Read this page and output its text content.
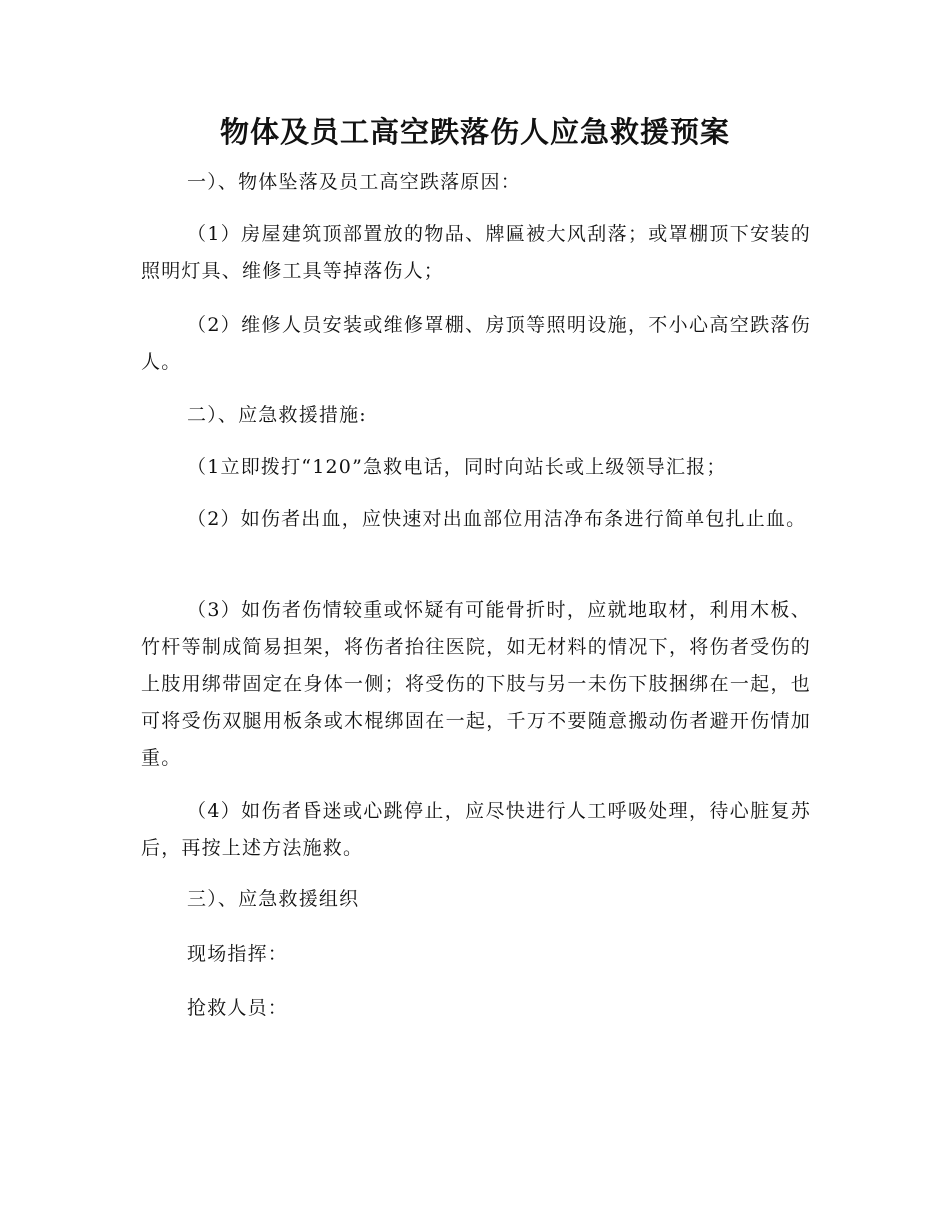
物体及员工高空跌落伤人应急救援预案
一）、物体坠落及员工高空跌落原因：
（1）房屋建筑顶部置放的物品、牌匾被大风刮落；或罩棚顶下安装的照明灯具、维修工具等掉落伤人；
（2）维修人员安装或维修罩棚、房顶等照明设施，不小心高空跌落伤人。
二）、应急救援措施:
（1立即拨打“120”急救电话，同时向站长或上级领导汇报；
（2）如伤者出血，应快速对出血部位用洁净布条进行简单包扎止血。
（3）如伤者伤情较重或怀疑有可能骨折时，应就地取材，利用木板、竹杆等制成简易担架，将伤者抬往医院，如无材料的情况下，将伤者受伤的上肢用绑带固定在身体一侧；将受伤的下肢与另一未伤下肢捆绑在一起，也可将受伤双腿用板条或木棍绑固在一起，千万不要随意搬动伤者避开伤情加重。
（4）如伤者昏迷或心跳停止，应尽快进行人工呼吸处理，待心脏复苏后，再按上述方法施救。
三）、应急救援组织
现场指挥：
抢救人员：
